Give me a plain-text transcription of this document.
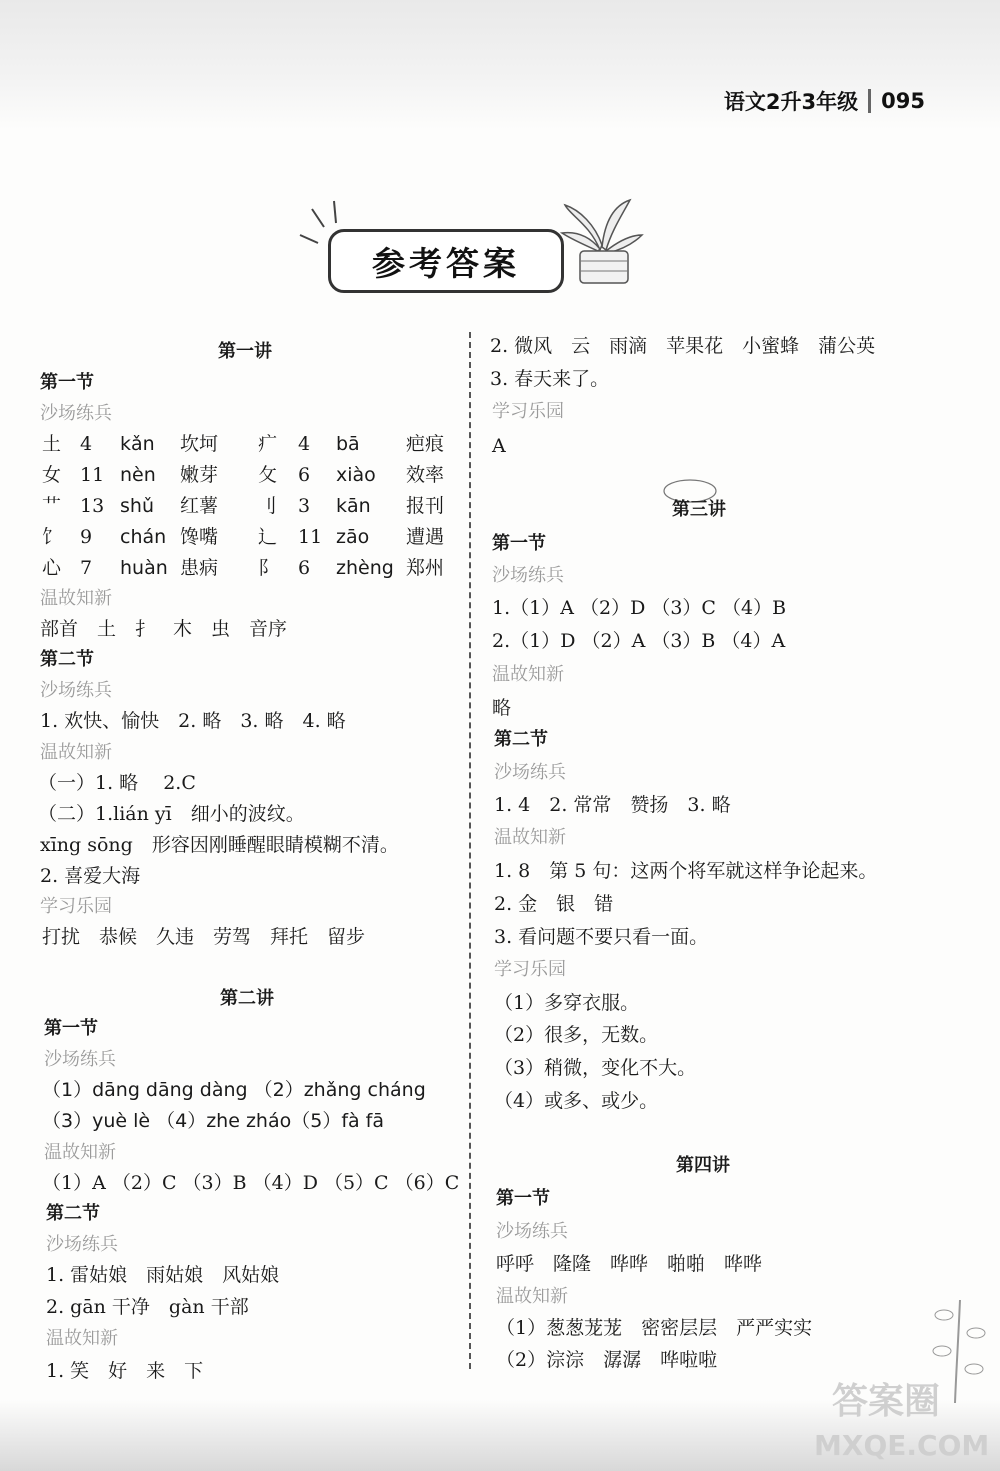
语文2升3年级 095
参考答案
第一讲
第一节
沙场练兵
土 4 kǎn 坎坷 疒 4 bā 疤痕
女 11 nèn 嫩芽 攵 6 xiào 效率
艹 13 shǔ 红薯 刂 3 kān 报刊
饣 9 chán 馋嘴 辶 11 zāo 遭遇
心 7 huàn 患病 阝 6 zhèng 郑州
温故知新
部首　土　扌　木　虫　音序
第二节
沙场练兵
1. 欢快、愉快　2. 略　3. 略　4. 略
温故知新
（一）1. 略　 2.C
（二）1.lián yī　细小的波纹。
xīng sōng　形容因刚睡醒眼睛模糊不清。
2. 喜爱大海
学习乐园
打扰　恭候　久违　劳驾　拜托　留步
第二讲
第一节
沙场练兵
（1）dāng dāng dàng （2）zhǎng cháng
（3）yuè lè （4）zhe zháo（5）fà fā
温故知新
（1）A （2）C （3）B （4）D （5）C （6）C
第二节
沙场练兵
1. 雷姑娘　雨姑娘　风姑娘
2. gān 干净　gàn 干部
温故知新
1. 笑　好　来　下
2. 微风　云　雨滴　苹果花　小蜜蜂　蒲公英
3. 春天来了。
学习乐园
A
第三讲
第一节
沙场练兵
1.（1）A （2）D （3）C （4）B
2.（1）D （2）A （3）B （4）A
温故知新
略
第二节
沙场练兵
1. 4　2. 常常　赞扬　3. 略
温故知新
1. 8　第 5 句：这两个将军就这样争论起来。
2. 金　银　错
3. 看问题不要只看一面。
学习乐园
（1）多穿衣服。
（2）很多，无数。
（3）稍微，变化不大。
（4）或多、或少。
第四讲
第一节
沙场练兵
呼呼　隆隆　哗哗　啪啪　哗哗
温故知新
（1）葱葱茏茏　密密层层　严严实实
（2）淙淙　潺潺　哗啦啦
答案圈
MXQE.COM
